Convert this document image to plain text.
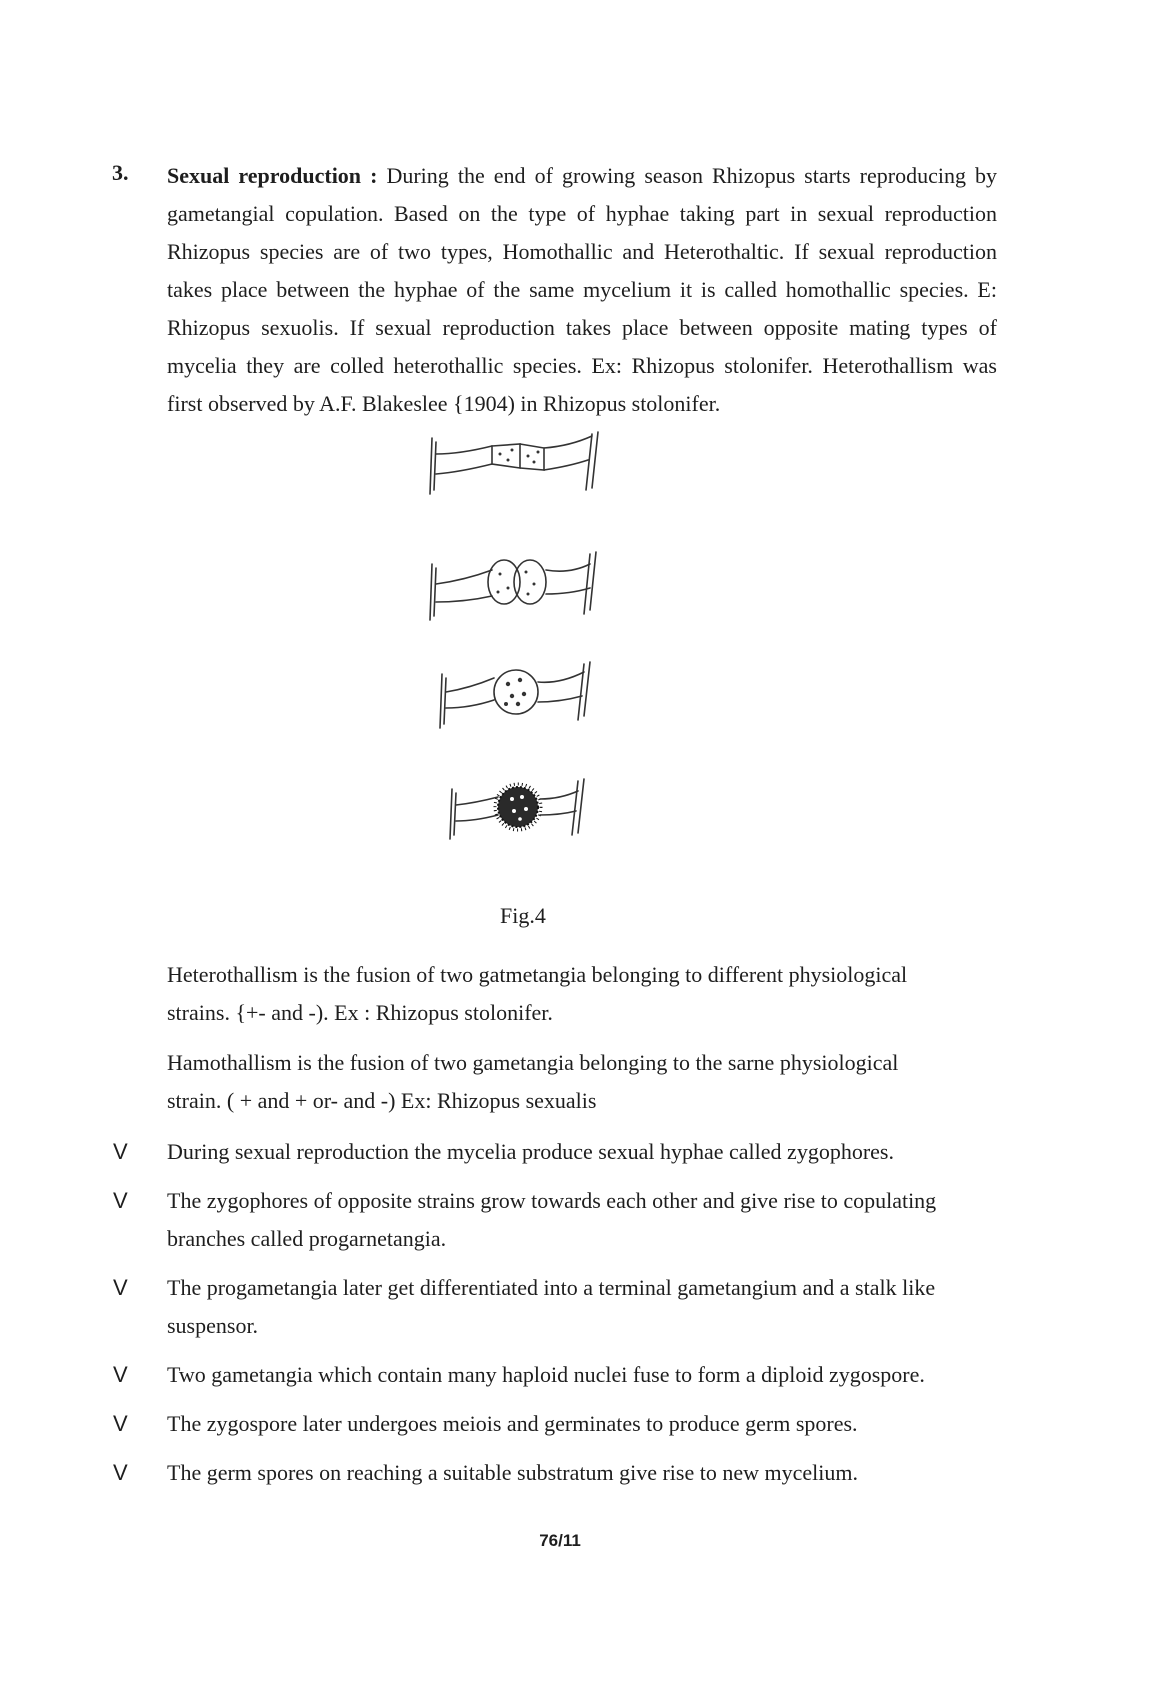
3. Sexual reproduction : During the end of growing season Rhizopus starts reproducing by gametangial copulation. Based on the type of hyphae taking part in sexual reproduction Rhizopus species are of two types, Homothallic and Heterothaltic. If sexual reproduction takes place between the hyphae of the same mycelium it is called homothallic species. E: Rhizopus sexuolis. If sexual reproduction takes place between opposite mating types of mycelia they are colled heterothallic species. Ex: Rhizopus stolonifer. Heterothallism was first observed by A.F. Blakeslee {1904) in Rhizopus stolonifer.

Fig.4

Heterothallism is the fusion of two gatmetangia belonging to different physiological strains. {+- and -). Ex : Rhizopus stolonifer.

Hamothallism is the fusion of two gametangia belonging to the sarne physiological strain. ( + and + or- and -) Ex: Rhizopus sexualis

V During sexual reproduction the mycelia produce sexual hyphae called zygophores.
V The zygophores of opposite strains grow towards each other and give rise to copulating branches called progarnetangia.
V The progametangia later get differentiated into a terminal gametangium and a stalk like suspensor.
V Two gametangia which contain many haploid nuclei fuse to form a diploid zygospore.
V The zygospore later undergoes meiois and germinates to produce germ spores.
V The germ spores on reaching a suitable substratum give rise to new mycelium.
76/11
